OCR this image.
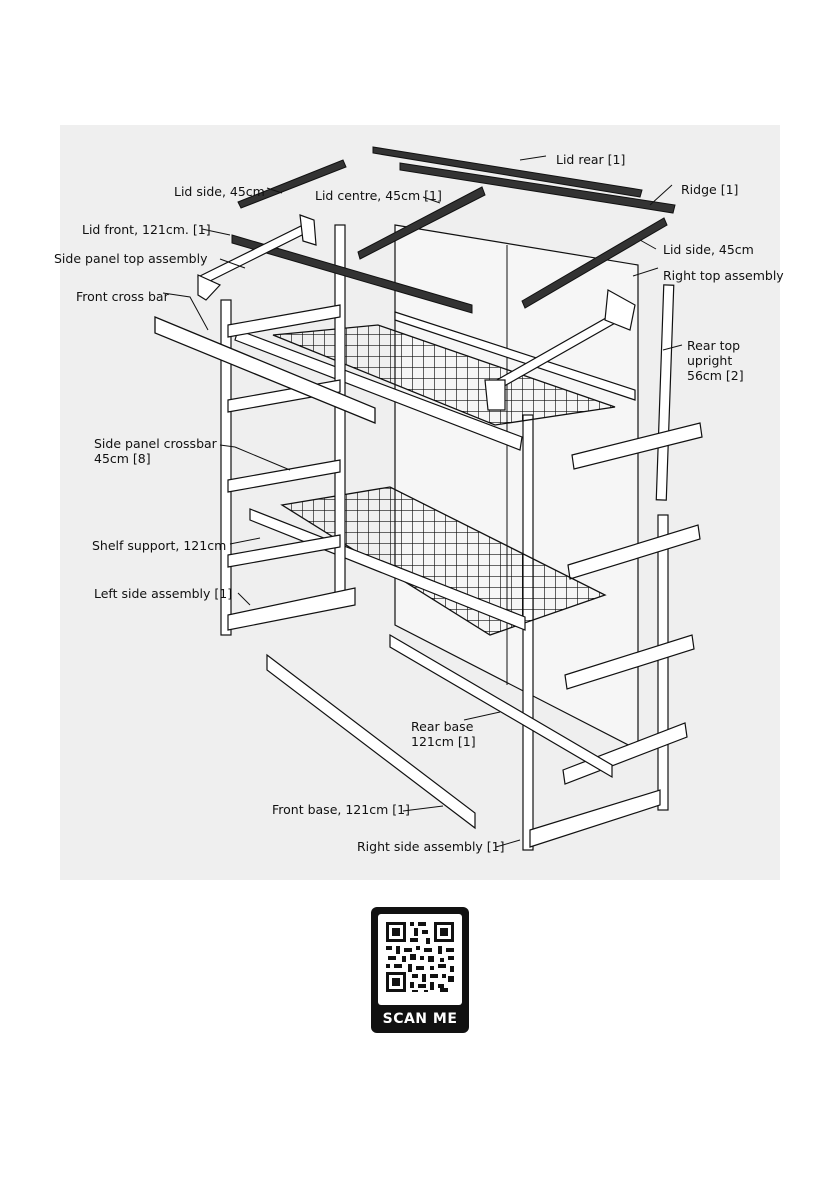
Lid rear [1]
Ridge [1]
Lid side, 45cm	Lid centre, 45cm [1]
Lid front, 121cm. [1]
Side panel top assembly
Lid side, 45cm
Right top assembly
Front cross bar
Rear top
upright
56cm [2]
Side panel crossbar
45cm [8]
Shelf support, 121cm
Left side assembly [1]
Rear base
121cm [1]
Front base, 121cm [1]
Right side assembly [1]
SCAN ME
